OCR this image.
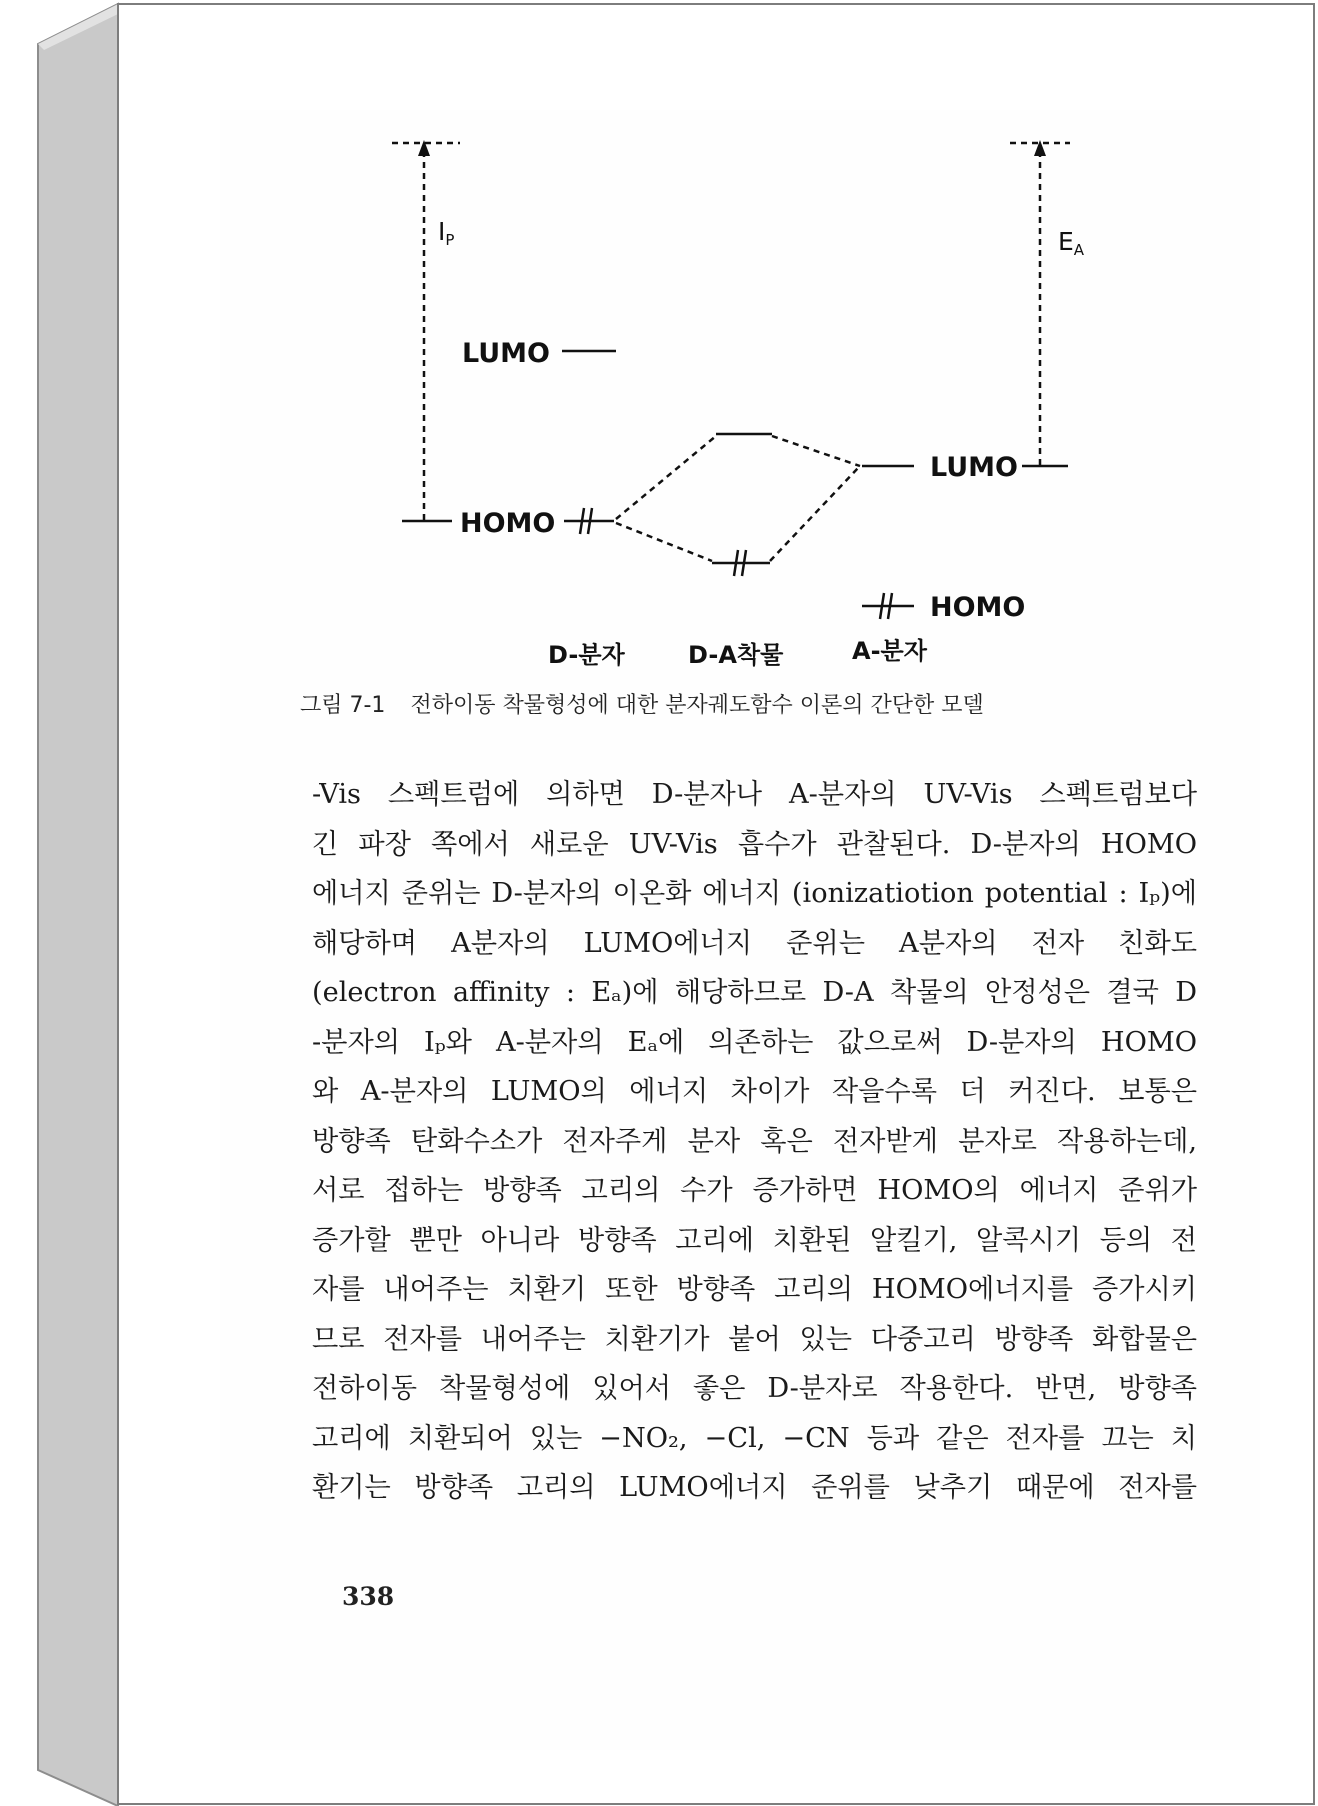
$I_P$	$E_A$
LUMO
HOMO
LUMO
HOMO
D-분자	D-A착물	A-분자
그림 7-1 전하이동 착물형성에 대한 분자궤도함수 이론의 간단한 모델
-Vis 스펙트럼에 의하면 D-분자나 A-분자의 UV-Vis 스펙트럼보다
긴 파장 쪽에서 새로운 UV-Vis 흡수가 관찰된다. D-분자의 HOMO
에너지 준위는 D-분자의 이온화 에너지 (ionizatiotion potential : Iₚ)에
해당하며 A분자의 LUMO에너지 준위는 A분자의 전자 친화도
(electron affinity : Eₐ)에 해당하므로 D-A 착물의 안정성은 결국 D
-분자의 Iₚ와 A-분자의 Eₐ에 의존하는 값으로써 D-분자의 HOMO
와 A-분자의 LUMO의 에너지 차이가 작을수록 더 커진다. 보통은
방향족 탄화수소가 전자주게 분자 혹은 전자받게 분자로 작용하는데,
서로 접하는 방향족 고리의 수가 증가하면 HOMO의 에너지 준위가
증가할 뿐만 아니라 방향족 고리에 치환된 알킬기, 알콕시기 등의 전
자를 내어주는 치환기 또한 방향족 고리의 HOMO에너지를 증가시키
므로 전자를 내어주는 치환기가 붙어 있는 다중고리 방향족 화합물은
전하이동 착물형성에 있어서 좋은 D-분자로 작용한다. 반면, 방향족
고리에 치환되어 있는 −NO₂, −Cl, −CN 등과 같은 전자를 끄는 치
환기는 방향족 고리의 LUMO에너지 준위를 낮추기 때문에 전자를
338
